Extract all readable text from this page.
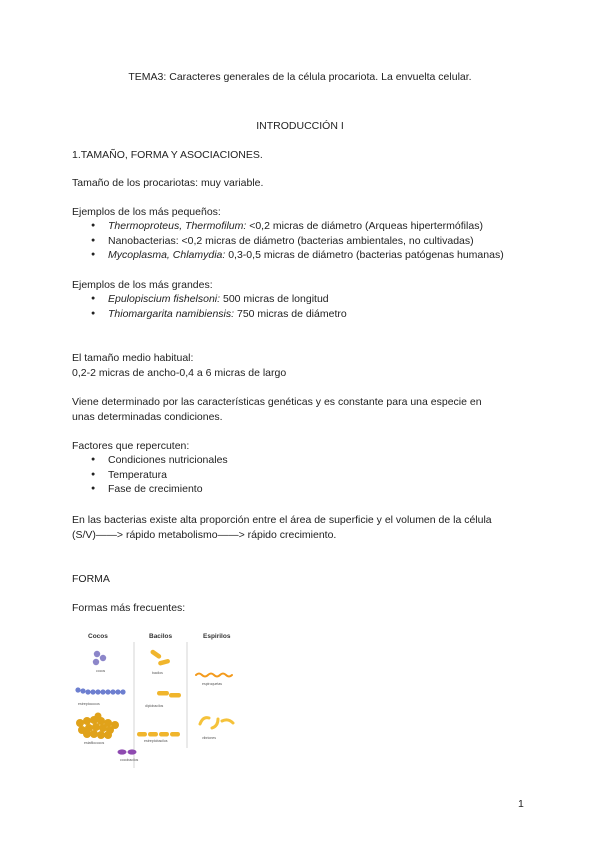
TEMA3: Caracteres generales de la célula procariota. La envuelta celular.
INTRODUCCIÓN I
1.TAMAÑO, FORMA Y ASOCIACIONES.
Tamaño de los procariotas: muy variable.
Ejemplos de los más pequeños:
● Thermoproteus, Thermofilum: <0,2 micras de diámetro (Arqueas hipertermófilas)
● Nanobacterias: <0,2 micras de diámetro (bacterias ambientales, no cultivadas)
● Mycoplasma, Chlamydia: 0,3-0,5 micras de diámetro (bacterias patógenas humanas)
Ejemplos de los más grandes:
● Epulopiscium fishelsoni: 500 micras de longitud
● Thiomargarita namibiensis: 750 micras de diámetro
El tamaño medio habitual:
0,2-2 micras de ancho-0,4 a 6 micras de largo
Viene determinado por las características genéticas y es constante para una especie en
unas determinadas condiciones.
Factores que repercuten:
● Condiciones nutricionales
● Temperatura
● Fase de crecimiento
En las bacterias existe alta proporción entre el área de superficie y el volumen de la célula
(S/V)——> rápido metabolismo——> rápido crecimiento.
FORMA
Formas más frecuentes:
Cocos	Bacilos	Espirilos
cocos
estreptococos
estafilococos
bacilos
diplobacilos
estreptobacilos
cocobacilos
espiroquetas
vibriones
1
